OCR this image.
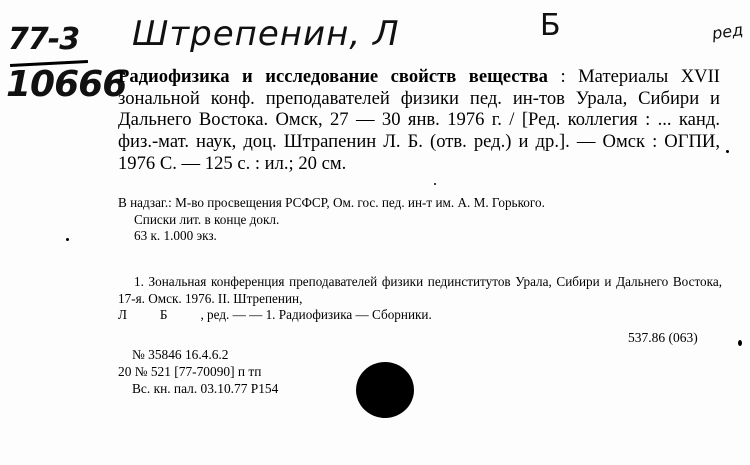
77-3
10666
Штрепенин, Л	Б	ред
Радиофизика и исследование свойств вещества : Материалы XVII зональной конф. преподавателей физики пед. ин-тов Урала, Сибири и Дальнего Востока. Омск, 27 — 30 янв. 1976 г. / [Ред. коллегия : ... канд. физ.-мат. наук, доц. Штрапенин Л. Б. (отв. ред.) и др.]. — Омск : ОГПИ, 1976 С. — 125 с. : ил.; 20 см.

В надзаг.: М-во просвещения РСФСР, Ом. гос. пед. ин-т им. А. М. Горького.

Списки лит. в конце докл.

63 к. 1.000 экз.

1. Зональная конференция преподавателей физики пединститутов Урала, Сибири и Дальнего Востока, 17-я. Омск. 1976. II. Штрепенин,

Л          Б          , ред. — — 1. Радиофизика — Сборники.

537.86 (063)

№ 35846 16.4.6.2

20 № 521 [77-70090] п тп

Вс. кн. пал. 03.10.77 Р154
